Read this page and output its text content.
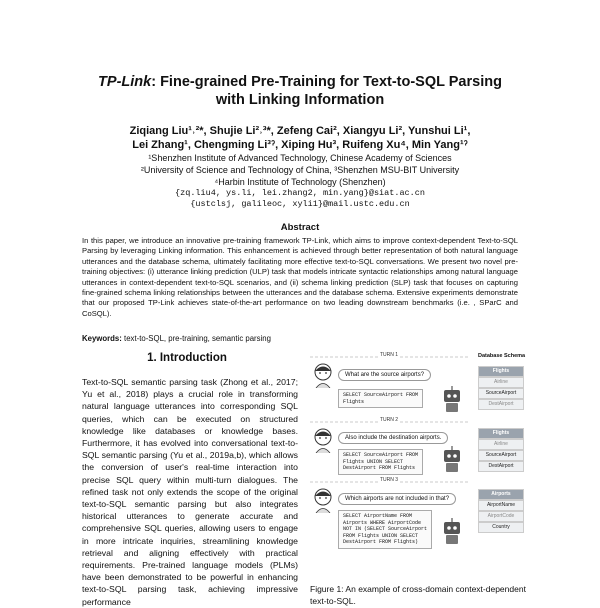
TP-Link: Fine-grained Pre-Training for Text-to-SQL Parsing
with Linking Information
Ziqiang Liu¹˒²*, Shujie Li²˒³*, Zefeng Cai², Xiangyu Li², Yunshui Li¹,
Lei Zhang¹, Chengming Li³ˀ, Xiping Hu³, Ruifeng Xu⁴, Min Yang¹ˀ
¹Shenzhen Institute of Advanced Technology, Chinese Academy of Sciences
²University of Science and Technology of China, ³Shenzhen MSU-BIT University
⁴Harbin Institute of Technology (Shenzhen)
{zq.liu4, ys.li, lei.zhang2, min.yang}@siat.ac.cn
{ustclsj, galileoc, xyli1}@mail.ustc.edu.cn
Abstract
In this paper, we introduce an innovative pre-training framework TP-Link, which aims to improve context-dependent Text-to-SQL Parsing by leveraging Linking information. This enhancement is achieved through better representation of both natural language utterances and the database schema, ultimately facilitating more effective text-to-SQL conversations. We present two novel pre-training objectives: (i) utterance linking prediction (ULP) task that models intricate syntactic relationships among natural language utterances in context-dependent text-to-SQL scenarios, and (ii) schema linking prediction (SLP) task that focuses on capturing fine-grained schema linking relationships between the utterances and the database schema. Extensive experiments demonstrate that our proposed TP-Link achieves state-of-the-art performance on two leading downstream benchmarks (i.e. , SParC and CoSQL).
Keywords: text-to-SQL, pre-training, semantic parsing
1. Introduction
Text-to-SQL semantic parsing task (Zhong et al., 2017; Yu et al., 2018) plays a crucial role in transforming natural language utterances into corresponding SQL queries, which can be executed on structured knowledge like databases or knowledge bases. Furthermore, it has evolved into conversational text-to-SQL semantic parsing (Yu et al., 2019a,b), which allows the conversion of user's real-time interaction into precise SQL query within multi-turn dialogues. The refined task not only extends the scope of the original text-to-SQL semantic parsing but also integrates historical utterances to generate accurate and comprehensive SQL queries, allowing users to engage in more intricate inquiries, streamlining knowledge retrieval and aligning effectively with practical requirements. Pre-trained language models (PLMs) have been demonstrated to be powerful in enhancing text-to-SQL parsing task, achieving impressive performance
Database Schema
TURN 1
TURN 2
TURN 3
What are the source airports?
SELECT SourceAirport FROM
Flights
Flights
Airline
SourceAirport
DestAirport
Also include the destination airports.
SELECT SourceAirport FROM
Flights UNION SELECT
DestAirport FROM Flights
Flights
Airline
SourceAirport
DestAirport
Which airports are not included in that?
SELECT AirportName FROM
Airports WHERE AirportCode
NOT IN (SELECT SourceAirport
FROM Flights UNION SELECT
DestAirport FROM Flights)
Airports
AirportName
AirportCode
Country
Figure 1: An example of cross-domain context-dependent text-to-SQL.
